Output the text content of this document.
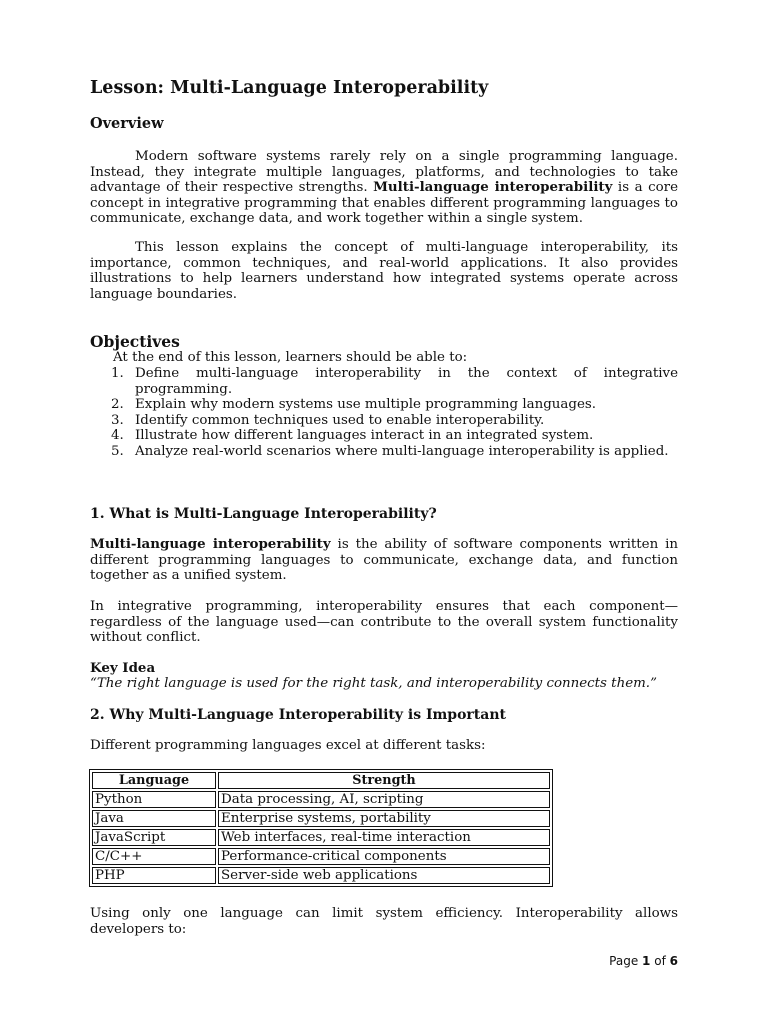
Lesson: Multi-Language Interoperability
Overview
Modern software systems rarely rely on a single programming language. Instead, they integrate multiple languages, platforms, and technologies to take advantage of their respective strengths. Multi-language interoperability is a core concept in integrative programming that enables different programming languages to communicate, exchange data, and work together within a single system.
This lesson explains the concept of multi-language interoperability, its importance, common techniques, and real-world applications. It also provides illustrations to help learners understand how integrated systems operate across language boundaries.
Objectives
At the end of this lesson, learners should be able to:
1. Define multi-language interoperability in the context of integrative programming.
2. Explain why modern systems use multiple programming languages.
3. Identify common techniques used to enable interoperability.
4. Illustrate how different languages interact in an integrated system.
5. Analyze real-world scenarios where multi-language interoperability is applied.
1. What is Multi-Language Interoperability?
Multi-language interoperability is the ability of software components written in different programming languages to communicate, exchange data, and function together as a unified system.
In integrative programming, interoperability ensures that each component—regardless of the language used—can contribute to the overall system functionality without conflict.
Key Idea
“The right language is used for the right task, and interoperability connects them.”
2. Why Multi-Language Interoperability is Important
Different programming languages excel at different tasks:
Language	Strength
Python	Data processing, AI, scripting
Java	Enterprise systems, portability
JavaScript	Web interfaces, real-time interaction
C/C++	Performance-critical components
PHP	Server-side web applications
Using only one language can limit system efficiency. Interoperability allows developers to:
Page 1 of 6
